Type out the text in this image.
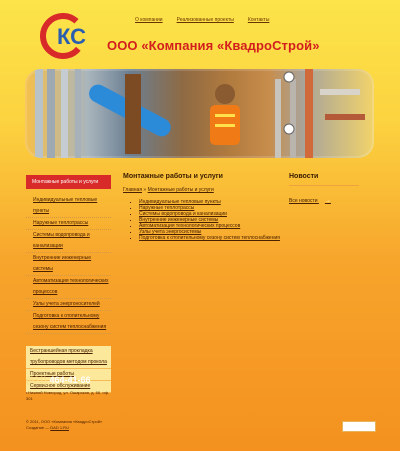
О компании	Реализованные проекты	Контакты
КС ООО «Компания «КвадроСтрой»
Монтажные работы и услуги
Индивидуальные тепловые пункты
Наружные теплотрассы
Системы водопровода и канализации
Внутренние инженерные системы
Автоматизация технологических процессов
Узлы учета энергоносителей
Подготовка к отопительному сезону систем теплоснабжения
Бестраншейная прокладка трубопроводов методом прокола
Проектные работы
Сервисное обслуживание
(831) 464-41-66
г.Нижний Новгород, ул. Ошарская, д. 66, оф. 301
© 2011, ООО «Компания «КвадроСтрой»
Создание — DAD 1.RU
Монтажные работы и услуги
Главная » Монтажные работы и услуги
▪ Индивидуальные тепловые пункты
▪ Наружные теплотрассы
▪ Системы водопровода и канализации
▪ Внутренние инженерные системы
▪ Автоматизация технологических процессов
▪ Узлы учета энергосистемы
▪ Подготовка к отопительному сезону систем теплоснабжения
Новости
Все новости →
